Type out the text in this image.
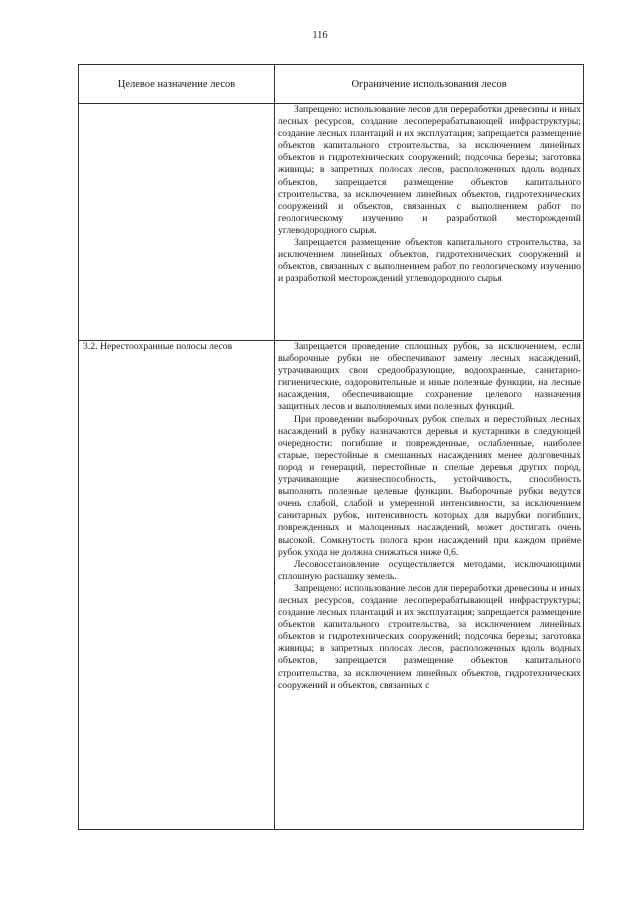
116
Целевое назначение лесов	Ограничение использования лесов

	Запрещено: использование лесов для переработки древесины и иных лесных ресурсов, создание лесоперерабатывающей инфраструктуры; создание лесных плантаций и их эксплуатация; запрещается размещение объектов капитального строительства, за исключением линейных объектов и гидротехнических сооружений; подсочка березы; заготовка живицы; в запретных полосах лесов, расположенных вдоль водных объектов, запрещается размещение объектов капитального строительства, за исключением линейных объектов, гидротехнических сооружений и объектов, связанных с выполнением работ по геологическому изучению и разработкой месторождений углеводородного сырья.

Запрещается размещение объектов капитального строительства, за исключением линейных объектов, гидротехнических сооружений и объектов, связанных с выполнением работ по геологическому изучению и разработкой месторождений углеводородного сырья

3.2. Нерестоохранные полосы лесов	Запрещается проведение сплошных рубок, за исключением, если выборочные рубки не обеспечивают замену лесных насаждений, утрачивающих свои средообразующие, водоохранные, санитарно-гигиенические, оздоровительные и иные полезные функции, на лесные насаждения, обеспечивающие сохранение целевого назначения защитных лесов и выполняемых ими полезных функций.

При проведении выборочных рубок спелых и перестойных лесных насаждений в рубку назначаются деревья и кустарники в следующей очередности: погибшие и поврежденные, ослабленные, наиболее старые, перестойные в смешанных насаждениях менее долговечных пород и генераций, перестойные и спелые деревья других пород, утрачивающие жизнеспособность, устойчивость, способность выполнять полезные целевые функции. Выборочные рубки ведутся очень слабой, слабой и умеренной интенсивности, за исключением санитарных рубок, интенсивность которых для вырубки погибших, поврежденных и малоценных насаждений, может достигать очень высокой. Сомкнутость полога крон насаждений при каждом приёме рубок ухода не должна снижаться ниже 0,6.

Лесовосстановление осуществляется методами, исключающими сплошную распашку земель.

Запрещено: использование лесов для переработки древесины и иных лесных ресурсов, создание лесоперерабатывающей инфраструктуры; создание лесных плантаций и их эксплуатация; запрещается размещение объектов капитального строительства, за исключением линейных объектов и гидротехнических сооружений; подсочка березы; заготовка живицы; в запретных полосах лесов, расположенных вдоль водных объектов, запрещается размещение объектов капитального строительства, за исключением линейных объектов, гидротехнических сооружений и объектов, связанных с
